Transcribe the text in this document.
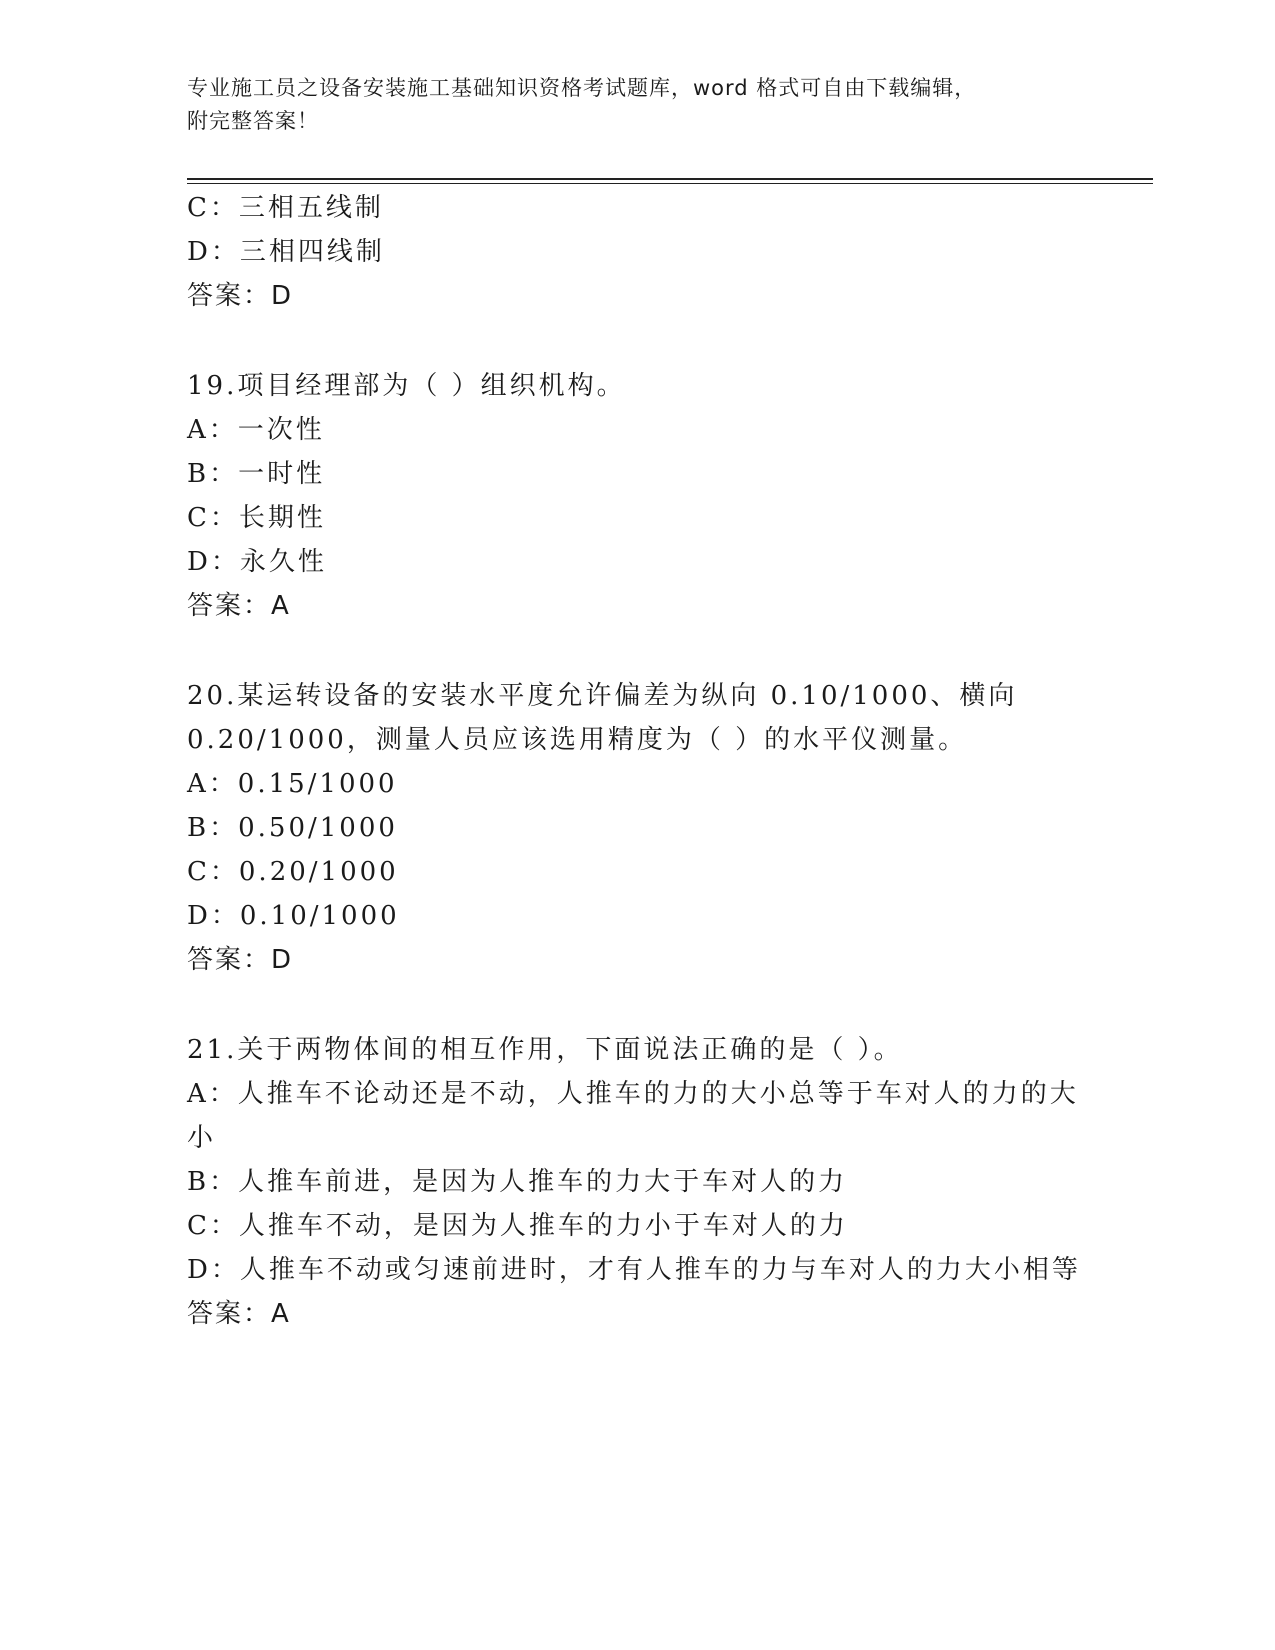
专业施工员之设备安装施工基础知识资格考试题库，word 格式可自由下载编辑，
附完整答案！
C：三相五线制
D：三相四线制
答案：D
19.项目经理部为（ ）组织机构。
A：一次性
B：一时性
C：长期性
D：永久性
答案：A
20.某运转设备的安装水平度允许偏差为纵向 0.10/1000、横向
0.20/1000，测量人员应该选用精度为（ ）的水平仪测量。
A：0.15/1000
B：0.50/1000
C：0.20/1000
D：0.10/1000
答案：D
21.关于两物体间的相互作用，下面说法正确的是（ ）。
A：人推车不论动还是不动，人推车的力的大小总等于车对人的力的大
小
B：人推车前进，是因为人推车的力大于车对人的力
C：人推车不动，是因为人推车的力小于车对人的力
D：人推车不动或匀速前进时，才有人推车的力与车对人的力大小相等
答案：A
